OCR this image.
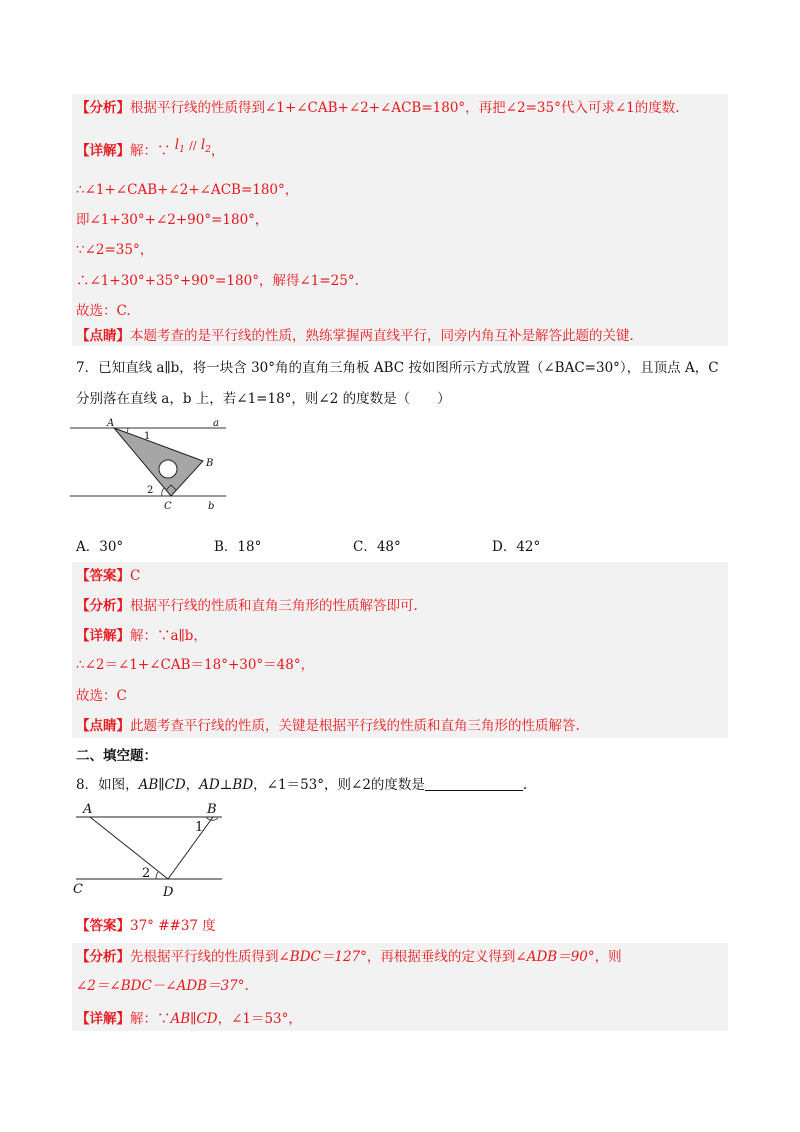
【分析】根据平行线的性质得到∠1+∠CAB+∠2+∠ACB=180°，再把∠2=35°代入可求∠1的度数.
【详解】解：∵ $l_1 // l_2$，
∴∠1+∠CAB+∠2+∠ACB=180°，
即∠1+30°+∠2+90°=180°，
∵∠2=35°，
∴∠1+30°+35°+90°=180°，解得∠1=25°.
故选：C.
【点睛】本题考查的是平行线的性质，熟练掌握两直线平行，同旁内角互补是解答此题的关键.
7．已知直线 a∥b，将一块含 30°角的直角三角板 ABC 按如图所示方式放置（∠BAC=30°），且顶点 A，C
分别落在直线 a，b 上，若∠1=18°，则∠2 的度数是（　　）
A	a
1
B
2
C	b
A．30°	B．18°	C．48°	D．42°
【答案】C
【分析】根据平行线的性质和直角三角形的性质解答即可.
【详解】解：∵a∥b，
∴∠2＝∠1+∠CAB＝18°+30°＝48°，
故选：C
【点睛】此题考查平行线的性质，关键是根据平行线的性质和直角三角形的性质解答.
二、填空题：
8．如图，AB∥CD，AD⊥BD，∠1＝53°，则∠2的度数是	.
A	B
1
2
C	D
【答案】37° ##37 度
【分析】先根据平行线的性质得到∠BDC＝127°，再根据垂线的定义得到∠ADB＝90°，则
∠2＝∠BDC－∠ADB＝37°.
【详解】解：∵AB∥CD，∠1＝53°，
